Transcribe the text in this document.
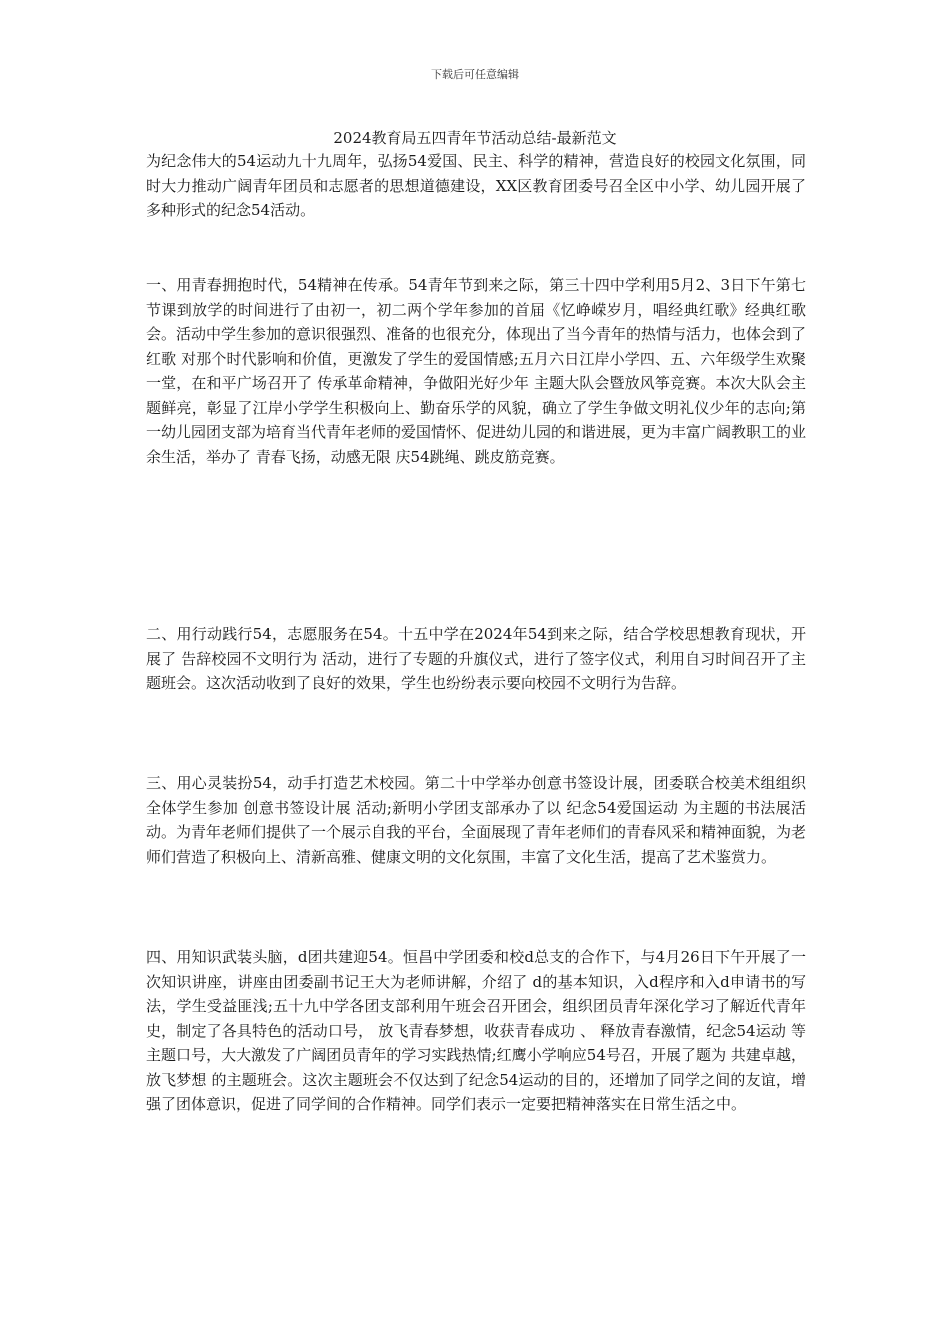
下载后可任意编辑
2024教育局五四青年节活动总结-最新范文

为纪念伟大的54运动九十九周年，弘扬54爱国、民主、科学的精神，营造良好的校园文化氛围，同时大力推动广阔青年团员和志愿者的思想道德建设，XX区教育团委号召全区中小学、幼儿园开展了多种形式的纪念54活动。

一、用青春拥抱时代，54精神在传承。54青年节到来之际，第三十四中学利用5月2、3日下午第七节课到放学的时间进行了由初一，初二两个学年参加的首届《忆峥嵘岁月，唱经典红歌》经典红歌会。活动中学生参加的意识很强烈、准备的也很充分，体现出了当今青年的热情与活力，也体会到了 红歌 对那个时代影响和价值，更激发了学生的爱国情感;五月六日江岸小学四、五、六年级学生欢聚一堂，在和平广场召开了 传承革命精神，争做阳光好少年 主题大队会暨放风筝竞赛。本次大队会主题鲜亮，彰显了江岸小学学生积极向上、勤奋乐学的风貌，确立了学生争做文明礼仪少年的志向;第一幼儿园团支部为培育当代青年老师的爱国情怀、促进幼儿园的和谐进展，更为丰富广阔教职工的业余生活，举办了 青春飞扬，动感无限 庆54跳绳、跳皮筋竞赛。

二、用行动践行54，志愿服务在54。十五中学在2024年54到来之际，结合学校思想教育现状，开展了 告辞校园不文明行为 活动，进行了专题的升旗仪式，进行了签字仪式，利用自习时间召开了主题班会。这次活动收到了良好的效果，学生也纷纷表示要向校园不文明行为告辞。

三、用心灵装扮54，动手打造艺术校园。第二十中学举办创意书签设计展，团委联合校美术组组织全体学生参加 创意书签设计展 活动;新明小学团支部承办了以 纪念54爱国运动 为主题的书法展活动。为青年老师们提供了一个展示自我的平台，全面展现了青年老师们的青春风采和精神面貌，为老师们营造了积极向上、清新高雅、健康文明的文化氛围，丰富了文化生活，提高了艺术鉴赏力。

四、用知识武装头脑，d团共建迎54。恒昌中学团委和校d总支的合作下，与4月26日下午开展了一次知识讲座，讲座由团委副书记王大为老师讲解，介绍了 d的基本知识，入d程序和入d申请书的写法，学生受益匪浅;五十九中学各团支部利用午班会召开团会，组织团员青年深化学习了解近代青年史，制定了各具特色的活动口号， 放飞青春梦想，收获青春成功 、 释放青春激情，纪念54运动 等主题口号，大大激发了广阔团员青年的学习实践热情;红鹰小学响应54号召，开展了题为 共建卓越，放飞梦想 的主题班会。这次主题班会不仅达到了纪念54运动的目的，还增加了同学之间的友谊，增强了团体意识，促进了同学间的合作精神。同学们表示一定要把精神落实在日常生活之中。
